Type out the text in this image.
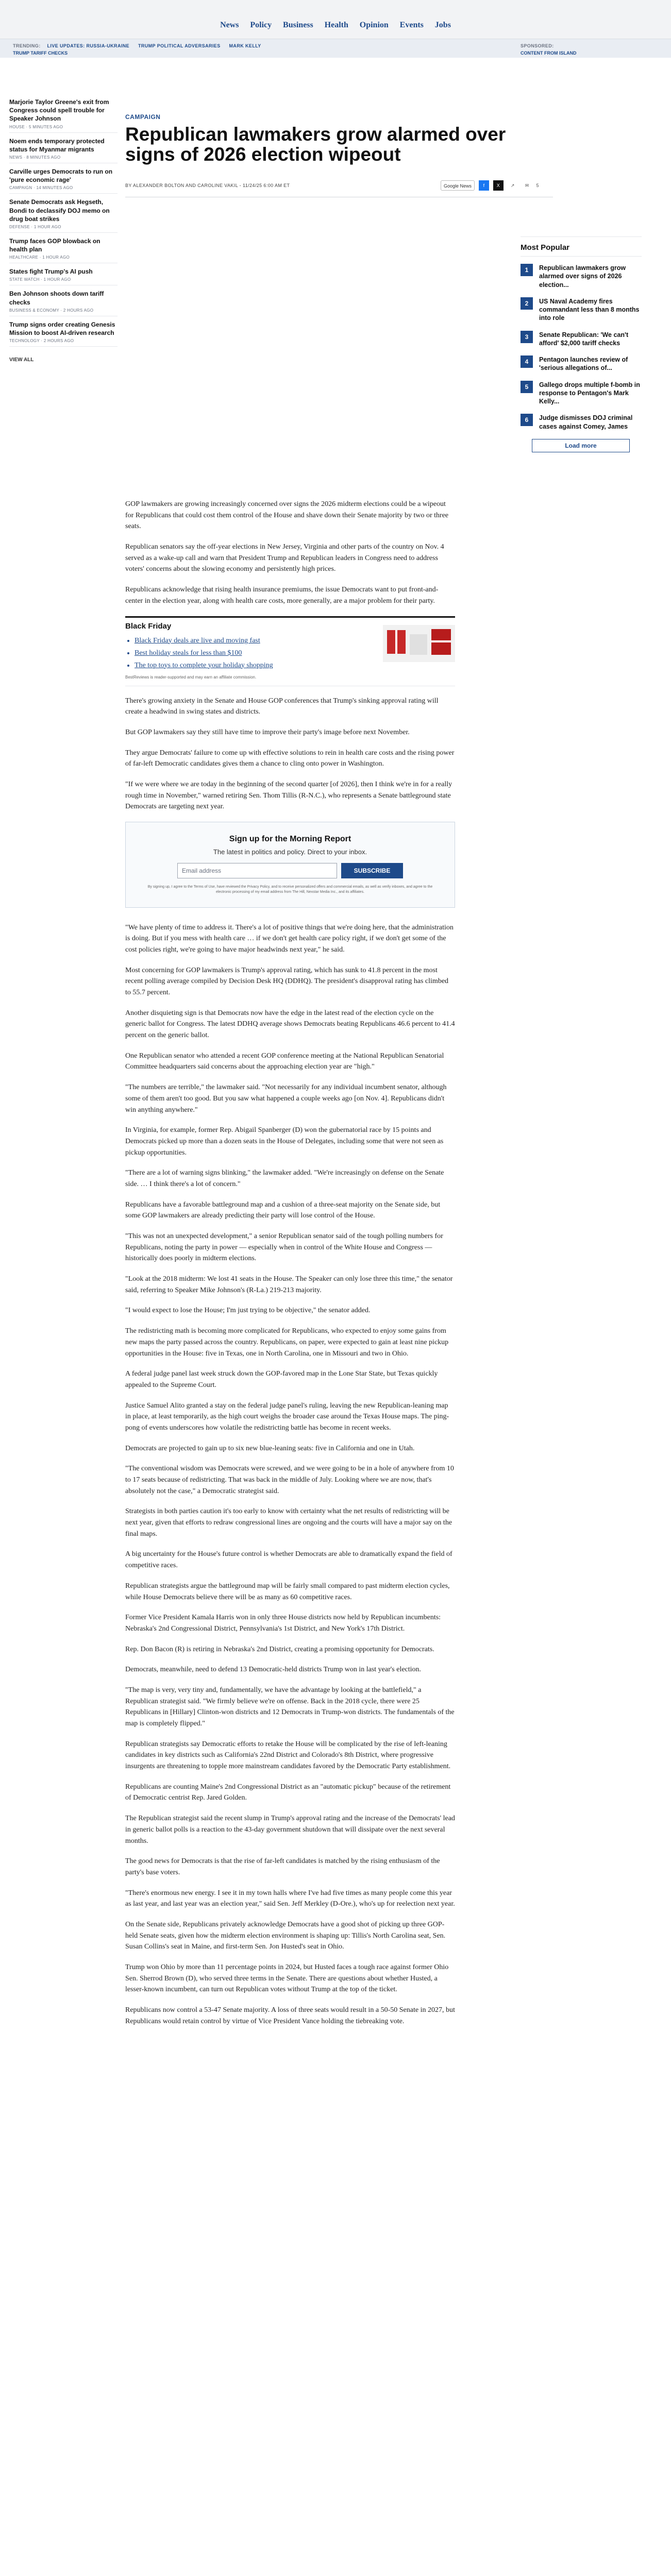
News Policy Business Health Opinion Events Jobs
TRENDING: LIVE UPDATES: RUSSIA-UKRAINE TRUMP POLITICAL ADVERSARIES MARK KELLY	SPONSORED:
TRUMP TARIFF CHECKS	CONTENT FROM ISLAND
Marjorie Taylor Greene's exit from Congress could spell trouble for Speaker Johnson
HOUSE · 5 MINUTES AGO
Noem ends temporary protected status for Myanmar migrants
NEWS · 8 MINUTES AGO
Carville urges Democrats to run on 'pure economic rage'
CAMPAIGN · 14 MINUTES AGO
Senate Democrats ask Hegseth, Bondi to declassify DOJ memo on drug boat strikes
DEFENSE · 1 HOUR AGO
Trump faces GOP blowback on health plan
HEALTHCARE · 1 HOUR AGO
States fight Trump's AI push
STATE WATCH · 1 HOUR AGO
Ben Johnson shoots down tariff checks
BUSINESS & ECONOMY · 2 HOURS AGO
Trump signs order creating Genesis Mission to boost AI-driven research
TECHNOLOGY · 2 HOURS AGO
VIEW ALL
CAMPAIGN
Republican lawmakers grow alarmed over signs of 2026 election wipeout
BY ALEXANDER BOLTON AND CAROLINE VAKIL - 11/24/25 6:00 AM ET	Google News	f	X ↗ ✉ 5

GOP lawmakers are growing increasingly concerned over signs the 2026 midterm elections could be a wipeout for Republicans that could cost them control of the House and shave down their Senate majority by two or three seats.

Republican senators say the off-year elections in New Jersey, Virginia and other parts of the country on Nov. 4 served as a wake-up call and warn that President Trump and Republican leaders in Congress need to address voters' concerns about the slowing economy and persistently high prices.

Republicans acknowledge that rising health insurance premiums, the issue Democrats want to put front-and-center in the election year, along with health care costs, more generally, are a major problem for their party.

Black Friday
• Black Friday deals are live and moving fast
• Best holiday steals for less than $100
• The top toys to complete your holiday shopping
BestReviews is reader-supported and may earn an affiliate commission.

There's growing anxiety in the Senate and House GOP conferences that Trump's sinking approval rating will create a headwind in swing states and districts.

But GOP lawmakers say they still have time to improve their party's image before next November.

They argue Democrats' failure to come up with effective solutions to rein in health care costs and the rising power of far-left Democratic candidates gives them a chance to cling onto power in Washington.

"If we were where we are today in the beginning of the second quarter [of 2026], then I think we're in for a really rough time in November," warned retiring Sen. Thom Tillis (R-N.C.), who represents a Senate battleground state Democrats are targeting next year.

Sign up for the Morning Report
The latest in politics and policy. Direct to your inbox.
Email address	SUBSCRIBE
By signing up, I agree to the Terms of Use, have reviewed the Privacy Policy, and to receive personalized offers and commercial emails, as well as verify inboxes, and agree to the electronic processing of my email address from The Hill, Nexstar Media Inc., and its affiliates.

"We have plenty of time to address it. There's a lot of positive things that we're doing here, that the administration is doing. But if you mess with health care … if we don't get health care policy right, if we don't get some of the cost policies right, we're going to have major headwinds next year," he said.

Most concerning for GOP lawmakers is Trump's approval rating, which has sunk to 41.8 percent in the most recent polling average compiled by Decision Desk HQ (DDHQ). The president's disapproval rating has climbed to 55.7 percent.

Another disquieting sign is that Democrats now have the edge in the latest read of the election cycle on the generic ballot for Congress. The latest DDHQ average shows Democrats beating Republicans 46.6 percent to 41.4 percent on the generic ballot.

One Republican senator who attended a recent GOP conference meeting at the National Republican Senatorial Committee headquarters said concerns about the approaching election year are "high."

"The numbers are terrible," the lawmaker said. "Not necessarily for any individual incumbent senator, although some of them aren't too good. But you saw what happened a couple weeks ago [on Nov. 4]. Republicans didn't win anything anywhere."

In Virginia, for example, former Rep. Abigail Spanberger (D) won the gubernatorial race by 15 points and Democrats picked up more than a dozen seats in the House of Delegates, including some that were not seen as pickup opportunities.

"There are a lot of warning signs blinking," the lawmaker added. "We're increasingly on defense on the Senate side. … I think there's a lot of concern."

Republicans have a favorable battleground map and a cushion of a three-seat majority on the Senate side, but some GOP lawmakers are already predicting their party will lose control of the House.

"This was not an unexpected development," a senior Republican senator said of the tough polling numbers for Republicans, noting the party in power — especially when in control of the White House and Congress — historically does poorly in midterm elections.

"Look at the 2018 midterm: We lost 41 seats in the House. The Speaker can only lose three this time," the senator said, referring to Speaker Mike Johnson's (R-La.) 219-213 majority.

"I would expect to lose the House; I'm just trying to be objective," the senator added.

The redistricting math is becoming more complicated for Republicans, who expected to enjoy some gains from new maps the party passed across the country. Republicans, on paper, were expected to gain at least nine pickup opportunities in the House: five in Texas, one in North Carolina, one in Missouri and two in Ohio.

A federal judge panel last week struck down the GOP-favored map in the Lone Star State, but Texas quickly appealed to the Supreme Court.

Justice Samuel Alito granted a stay on the federal judge panel's ruling, leaving the new Republican-leaning map in place, at least temporarily, as the high court weighs the broader case around the Texas House maps. The ping-pong of events underscores how volatile the redistricting battle has become in recent weeks.

Democrats are projected to gain up to six new blue-leaning seats: five in California and one in Utah.

"The conventional wisdom was Democrats were screwed, and we were going to be in a hole of anywhere from 10 to 17 seats because of redistricting. That was back in the middle of July. Looking where we are now, that's absolutely not the case," a Democratic strategist said.

Strategists in both parties caution it's too early to know with certainty what the net results of redistricting will be next year, given that efforts to redraw congressional lines are ongoing and the courts will have a major say on the final maps.

A big uncertainty for the House's future control is whether Democrats are able to dramatically expand the field of competitive races.

Republican strategists argue the battleground map will be fairly small compared to past midterm election cycles, while House Democrats believe there will be as many as 60 competitive races.

Former Vice President Kamala Harris won in only three House districts now held by Republican incumbents: Nebraska's 2nd Congressional District, Pennsylvania's 1st District, and New York's 17th District.

Rep. Don Bacon (R) is retiring in Nebraska's 2nd District, creating a promising opportunity for Democrats.

Democrats, meanwhile, need to defend 13 Democratic-held districts Trump won in last year's election.

"The map is very, very tiny and, fundamentally, we have the advantage by looking at the battlefield," a Republican strategist said. "We firmly believe we're on offense. Back in the 2018 cycle, there were 25 Republicans in [Hillary] Clinton-won districts and 12 Democrats in Trump-won districts. The fundamentals of the map is completely flipped."

Republican strategists say Democratic efforts to retake the House will be complicated by the rise of left-leaning candidates in key districts such as California's 22nd District and Colorado's 8th District, where progressive insurgents are threatening to topple more mainstream candidates favored by the Democratic Party establishment.

Republicans are counting Maine's 2nd Congressional District as an "automatic pickup" because of the retirement of Democratic centrist Rep. Jared Golden.

The Republican strategist said the recent slump in Trump's approval rating and the increase of the Democrats' lead in generic ballot polls is a reaction to the 43-day government shutdown that will dissipate over the next several months.

The good news for Democrats is that the rise of far-left candidates is matched by the rising enthusiasm of the party's base voters.

"There's enormous new energy. I see it in my town halls where I've had five times as many people come this year as last year, and last year was an election year," said Sen. Jeff Merkley (D-Ore.), who's up for reelection next year.

On the Senate side, Republicans privately acknowledge Democrats have a good shot of picking up three GOP-held Senate seats, given how the midterm election environment is shaping up: Tillis's North Carolina seat, Sen. Susan Collins's seat in Maine, and first-term Sen. Jon Husted's seat in Ohio.

Trump won Ohio by more than 11 percentage points in 2024, but Husted faces a tough race against former Ohio Sen. Sherrod Brown (D), who served three terms in the Senate. There are questions about whether Husted, a lesser-known incumbent, can turn out Republican votes without Trump at the top of the ticket.

Republicans now control a 53-47 Senate majority. A loss of three seats would result in a 50-50 Senate in 2027, but Republicans would retain control by virtue of Vice President Vance holding the tiebreaking vote.

Most Popular
1	Republican lawmakers grow alarmed over signs of 2026 election...
2	US Naval Academy fires commandant less than 8 months into role
3	Senate Republican: 'We can't afford' $2,000 tariff checks
4	Pentagon launches review of 'serious allegations of...
5	Gallego drops multiple f-bomb in response to Pentagon's Mark Kelly...
6	Judge dismisses DOJ criminal cases against Comey, James
Load more
